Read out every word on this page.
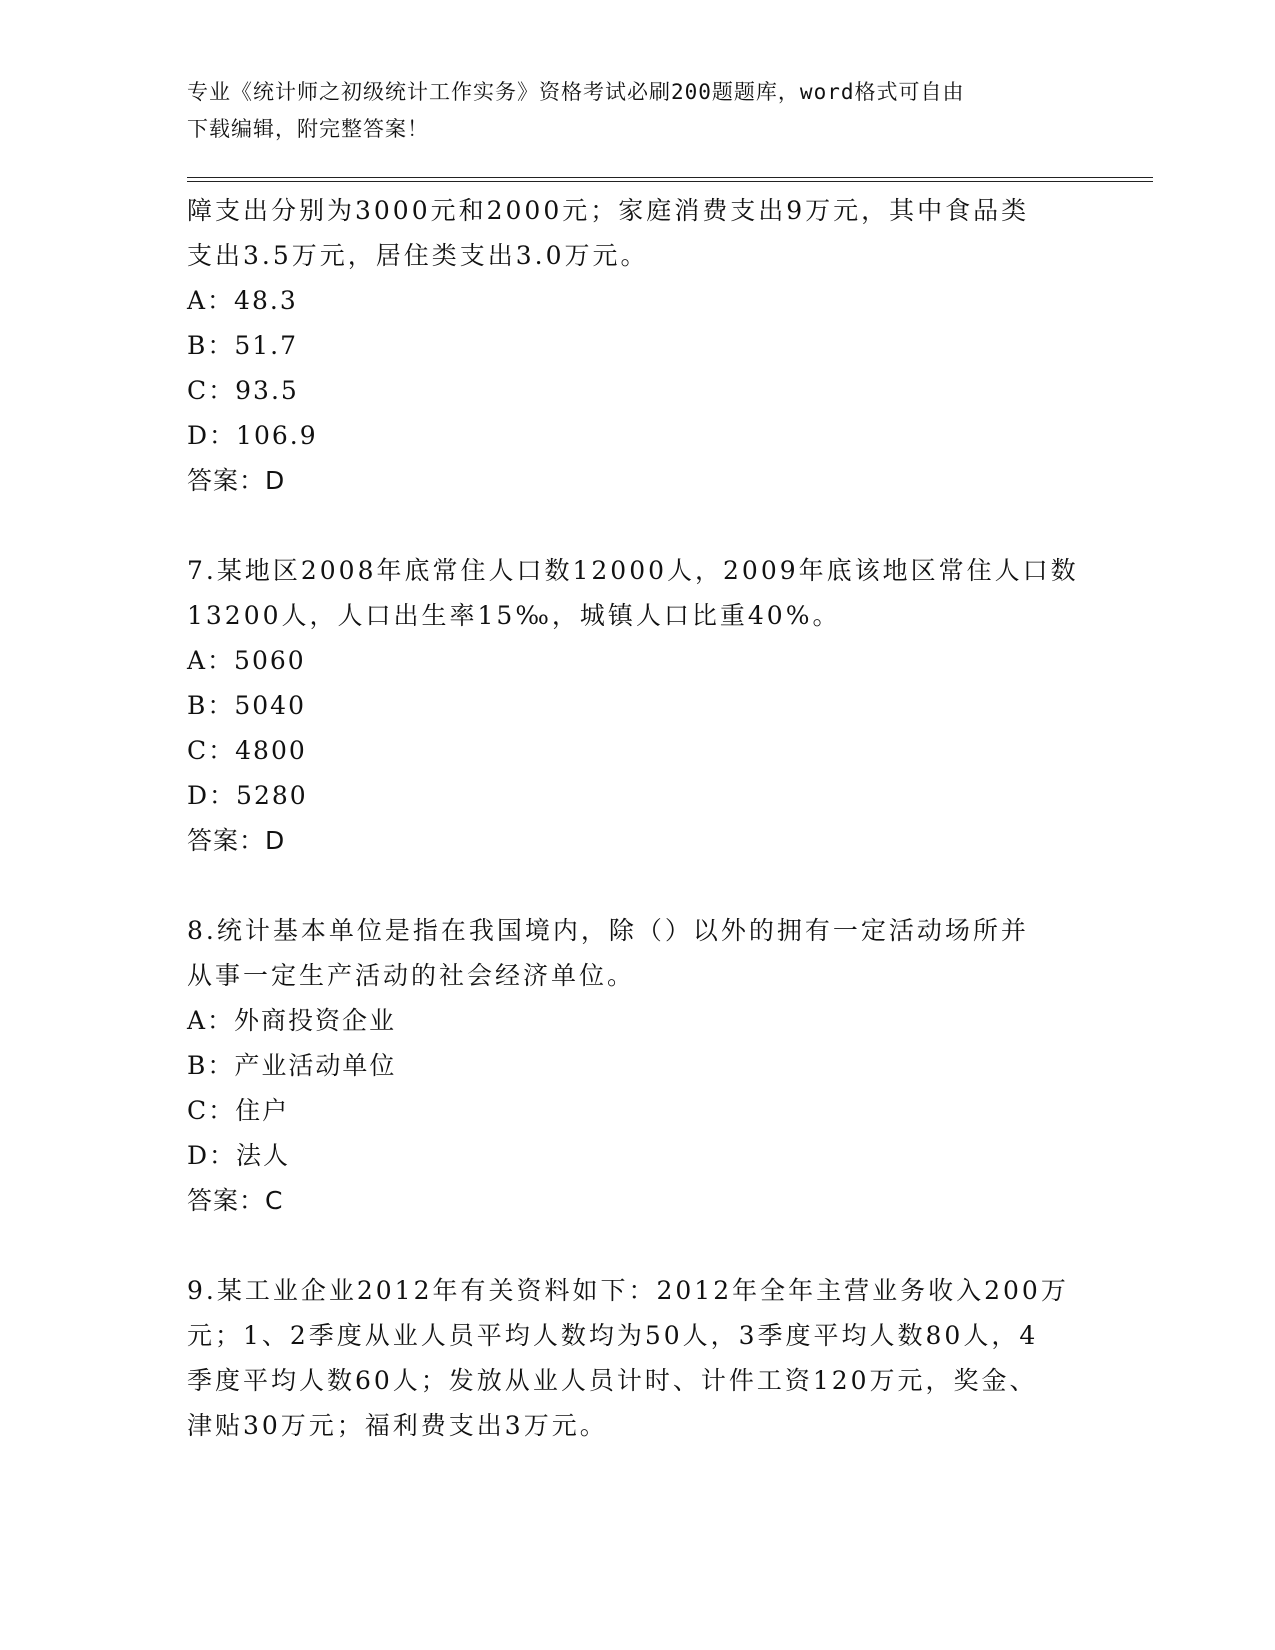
专业《统计师之初级统计工作实务》资格考试必刷200题题库，word格式可自由
下载编辑，附完整答案！
障支出分别为3000元和2000元；家庭消费支出9万元，其中食品类
支出3.5万元，居住类支出3.0万元。
A：48.3
B：51.7
C：93.5
D：106.9
答案：D
7.某地区2008年底常住人口数12000人，2009年底该地区常住人口数
13200人，人口出生率15‰，城镇人口比重40%。
A：5060
B：5040
C：4800
D：5280
答案：D
8.统计基本单位是指在我国境内，除（）以外的拥有一定活动场所并
从事一定生产活动的社会经济单位。
A：外商投资企业
B：产业活动单位
C：住户
D：法人
答案：C
9.某工业企业2012年有关资料如下：2012年全年主营业务收入200万
元；1、2季度从业人员平均人数均为50人，3季度平均人数80人，4
季度平均人数60人；发放从业人员计时、计件工资120万元，奖金、
津贴30万元；福利费支出3万元。
